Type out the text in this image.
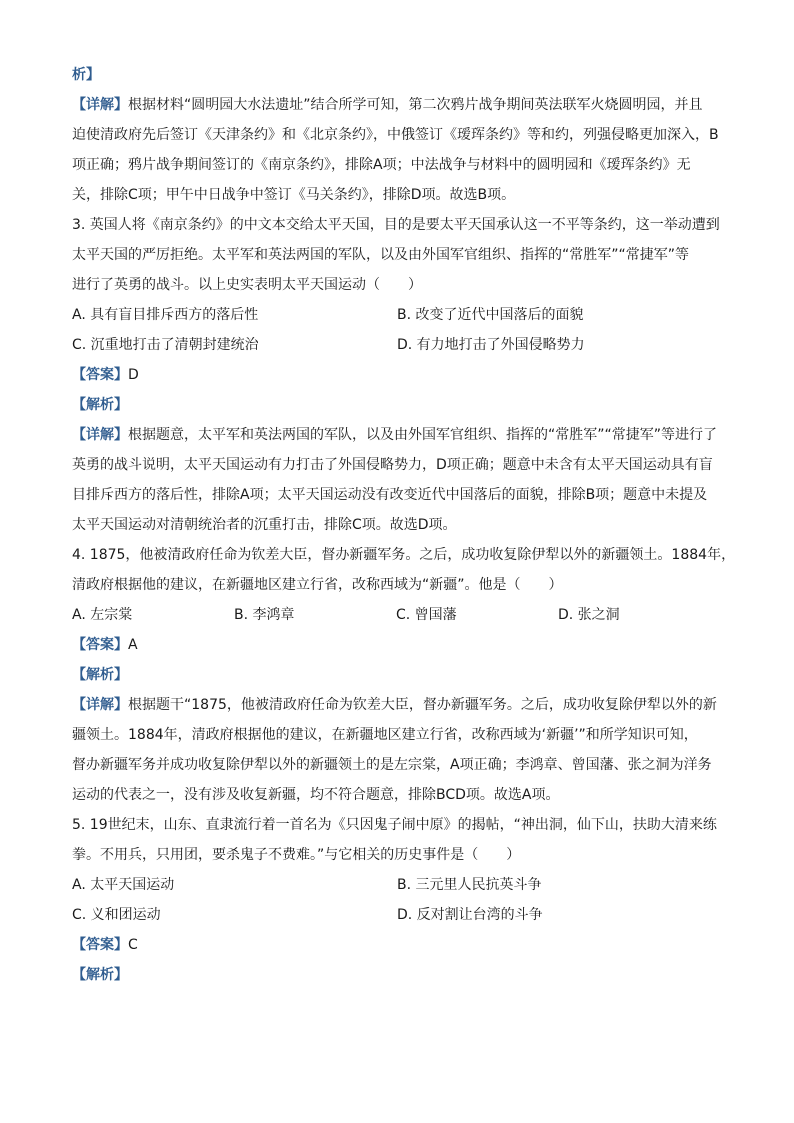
析】
【详解】根据材料“圆明园大水法遗址”结合所学可知，第二次鸦片战争期间英法联军火烧圆明园，并且
迫使清政府先后签订《天津条约》和《北京条约》，中俄签订《瑷珲条约》等和约，列强侵略更加深入，B
项正确；鸦片战争期间签订的《南京条约》，排除A项；中法战争与材料中的圆明园和《瑷珲条约》无
关，排除C项；甲午中日战争中签订《马关条约》，排除D项。故选B项。
3. 英国人将《南京条约》的中文本交给太平天国，目的是要太平天国承认这一不平等条约，这一举动遭到
太平天国的严厉拒绝。太平军和英法两国的军队，以及由外国军官组织、指挥的“常胜军”“常捷军”等
进行了英勇的战斗。以上史实表明太平天国运动（　　）
A. 具有盲目排斥西方的落后性	B. 改变了近代中国落后的面貌
C. 沉重地打击了清朝封建统治	D. 有力地打击了外国侵略势力
【答案】D
【解析】
【详解】根据题意，太平军和英法两国的军队，以及由外国军官组织、指挥的“常胜军”“常捷军”等进行了
英勇的战斗说明，太平天国运动有力打击了外国侵略势力，D项正确；题意中未含有太平天国运动具有盲
目排斥西方的落后性，排除A项；太平天国运动没有改变近代中国落后的面貌，排除B项；题意中未提及
太平天国运动对清朝统治者的沉重打击，排除C项。故选D项。
4. 1875，他被清政府任命为钦差大臣，督办新疆军务。之后，成功收复除伊犁以外的新疆领土。1884年，
清政府根据他的建议，在新疆地区建立行省，改称西域为“新疆”。他是（　　）
A. 左宗棠	B. 李鸿章	C. 曾国藩	D. 张之洞
【答案】A
【解析】
【详解】根据题干“1875，他被清政府任命为钦差大臣，督办新疆军务。之后，成功收复除伊犁以外的新
疆领土。1884年，清政府根据他的建议，在新疆地区建立行省，改称西域为‘新疆’”和所学知识可知，
督办新疆军务并成功收复除伊犁以外的新疆领土的是左宗棠，A项正确；李鸿章、曾国藩、张之洞为洋务
运动的代表之一，没有涉及收复新疆，均不符合题意，排除BCD项。故选A项。
5. 19世纪末，山东、直隶流行着一首名为《只因鬼子闹中原》的揭帖，“神出洞，仙下山，扶助大清来练
拳。不用兵，只用团，要杀鬼子不费难。”与它相关的历史事件是（　　）
A. 太平天国运动	B. 三元里人民抗英斗争
C. 义和团运动	D. 反对割让台湾的斗争
【答案】C
【解析】
